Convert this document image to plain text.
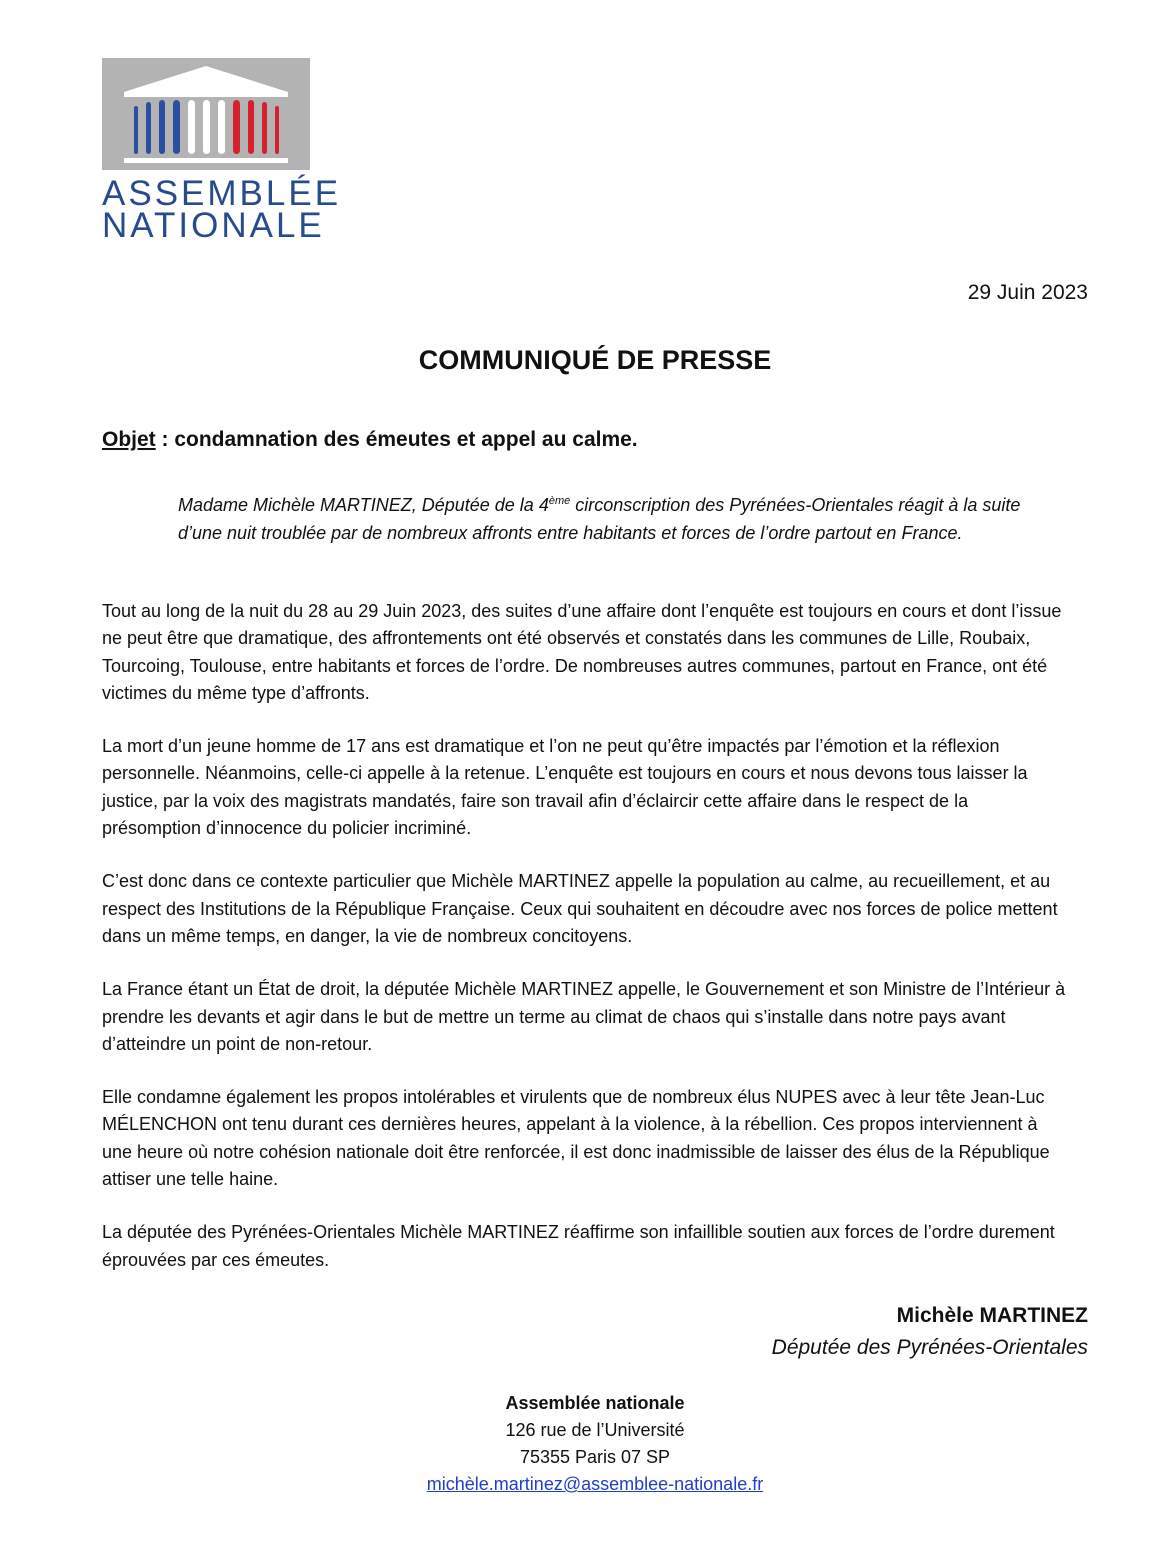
ASSEMBLÉE
NATIONALE
29 Juin 2023
COMMUNIQUÉ DE PRESSE
Objet : condamnation des émeutes et appel au calme.
Madame Michèle MARTINEZ, Députée de la 4ème circonscription des Pyrénées-Orientales réagit à la suite d’une nuit troublée par de nombreux affronts entre habitants et forces de l’ordre partout en France.

Tout au long de la nuit du 28 au 29 Juin 2023, des suites d’une affaire dont l’enquête est toujours en cours et dont l’issue ne peut être que dramatique, des affrontements ont été observés et constatés dans les communes de Lille, Roubaix, Tourcoing, Toulouse, entre habitants et forces de l’ordre. De nombreuses autres communes, partout en France, ont été victimes du même type d’affronts.

La mort d’un jeune homme de 17 ans est dramatique et l’on ne peut qu’être impactés par l’émotion et la réflexion personnelle. Néanmoins, celle-ci appelle à la retenue. L’enquête est toujours en cours et nous devons tous laisser la justice, par la voix des magistrats mandatés, faire son travail afin d’éclaircir cette affaire dans le respect de la présomption d’innocence du policier incriminé.

C’est donc dans ce contexte particulier que Michèle MARTINEZ appelle la population au calme, au recueillement, et au respect des Institutions de la République Française. Ceux qui souhaitent en découdre avec nos forces de police mettent dans un même temps, en danger, la vie de nombreux concitoyens.

La France étant un État de droit, la députée Michèle MARTINEZ appelle, le Gouvernement et son Ministre de l’Intérieur à prendre les devants et agir dans le but de mettre un terme au climat de chaos qui s’installe dans notre pays avant d’atteindre un point de non-retour.

Elle condamne également les propos intolérables et virulents que de nombreux élus NUPES avec à leur tête Jean-Luc MÉLENCHON ont tenu durant ces dernières heures, appelant à la violence, à la rébellion. Ces propos interviennent à une heure où notre cohésion nationale doit être renforcée, il est donc inadmissible de laisser des élus de la République attiser une telle haine.

La députée des Pyrénées-Orientales Michèle MARTINEZ réaffirme son infaillible soutien aux forces de l’ordre durement éprouvées par ces émeutes.

Michèle MARTINEZ
Députée des Pyrénées-Orientales
Assemblée nationale
126 rue de l’Université
75355 Paris 07 SP
michèle.martinez@assemblee-nationale.fr
